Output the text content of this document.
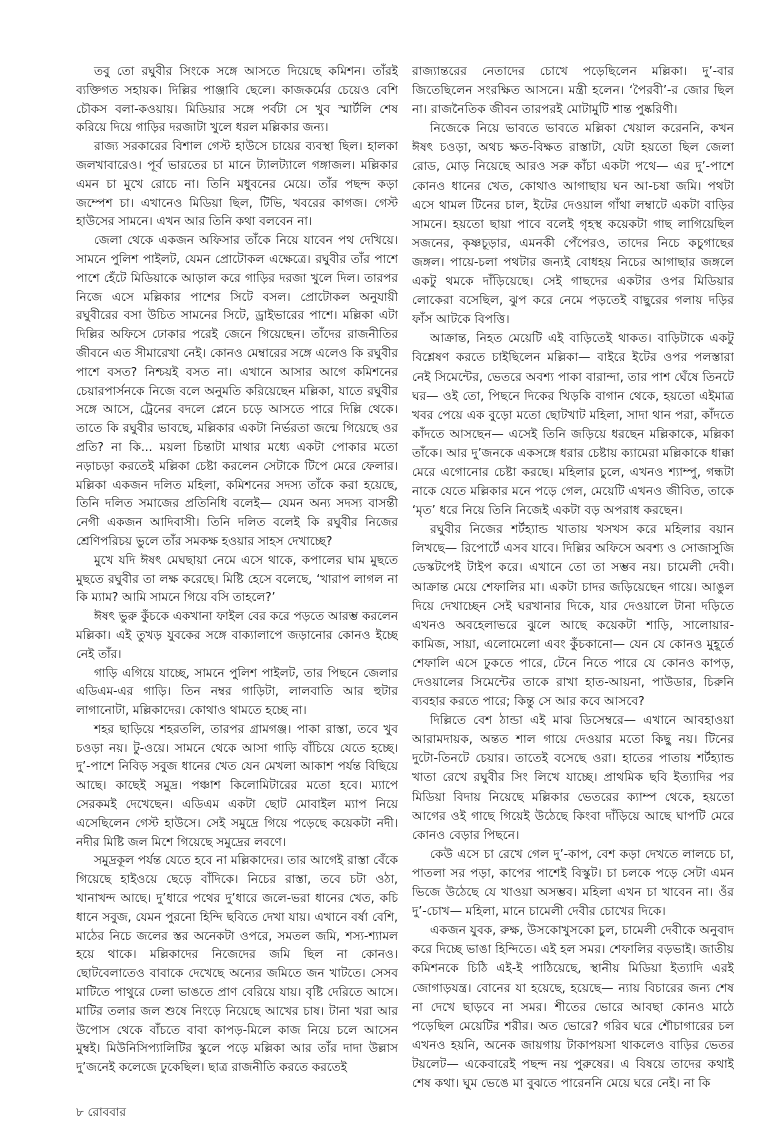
তবু তো রঘুবীর সিংকে সঙ্গে আসতে দিয়েছে কমিশন। তাঁরই ব্যক্তিগত সহায়ক। দিল্লির পাঞ্জাবি ছেলে। কাজকর্মের চেয়েও বেশি চৌকস বলা-কওয়ায়। মিডিয়ার সঙ্গে পর্বটা সে খুব স্মার্টলি শেষ করিয়ে দিয়ে গাড়ির দরজাটা খুলে ধরল মল্লিকার জন্য।

রাজ্য সরকারের বিশাল গেস্ট হাউসে চায়ের ব্যবস্থা ছিল। হালকা জলখাবারেও। পূর্ব ভারতের চা মানে ট্যালট্যালে গঙ্গাজল। মল্লিকার এমন চা মুখে রোচে না। তিনি মধুবনের মেয়ে। তাঁর পছন্দ কড়া জম্পেশ চা। এখানেও মিডিয়া ছিল, টিভি, খবরের কাগজ। গেস্ট হাউসের সামনে। এখন আর তিনি কথা বলবেন না।

জেলা থেকে একজন অফিসার তাঁকে নিয়ে যাবেন পথ দেখিয়ে। সামনে পুলিশ পাইলট, যেমন প্রোটোকল এক্ষেত্রে। রঘুবীর তাঁর পাশে পাশে হেঁটে মিডিয়াকে আড়াল করে গাড়ির দরজা খুলে দিল। তারপর নিজে এসে মল্লিকার পাশের সিটে বসল। প্রোটোকল অনুযায়ী রঘুবীরের বসা উচিত সামনের সিটে, ড্রাইভারের পাশে। মল্লিকা এটা দিল্লির অফিসে ঢোকার পরেই জেনে গিয়েছেন। তাঁদের রাজনীতির জীবনে এত সীমারেখা নেই। কোনও মেম্বারের সঙ্গে এলেও কি রঘুবীর পাশে বসত? নিশ্চয়ই বসত না। এখানে আসার আগে কমিশনের চেয়ারপার্সনকে নিজে বলে অনুমতি করিয়েছেন মল্লিকা, যাতে রঘুবীর সঙ্গে আসে, ট্রেনের বদলে প্লেনে চড়ে আসতে পারে দিল্লি থেকে। তাতে কি রঘুবীর ভাবছে, মল্লিকার একটা নির্ভরতা জন্মে গিয়েছে ওর প্রতি? না কি... ময়লা চিন্তাটা মাথার মধ্যে একটা পোকার মতো নড়াচড়া করতেই মল্লিকা চেষ্টা করলেন সেটাকে টিপে মেরে ফেলার। মল্লিকা একজন দলিত মহিলা, কমিশনের সদস্য তাঁকে করা হয়েছে, তিনি দলিত সমাজের প্রতিনিধি বলেই— যেমন অন্য সদস্য বাসন্তী নেগী একজন আদিবাসী। তিনি দলিত বলেই কি রঘুবীর নিজের শ্রেণিপরিচয় ভুলে তাঁর সমকক্ষ হওয়ার সাহস দেখাচ্ছে?

মুখে যদি ঈষৎ মেঘছায়া নেমে এসে থাকে, কপালের ঘাম মুছতে মুছতে রঘুবীর তা লক্ষ করেছে। মিষ্টি হেসে বলেছে, ‘খারাপ লাগল না কি ম্যাম? আমি সামনে গিয়ে বসি তাহলে?’

ঈষৎ ভুরু কুঁচকে একখানা ফাইল বের করে পড়তে আরম্ভ করলেন মল্লিকা। এই তুখড় যুবকের সঙ্গে বাক্যালাপে জড়ানোর কোনও ইচ্ছে নেই তাঁর।

গাড়ি এগিয়ে যাচ্ছে, সামনে পুলিশ পাইলট, তার পিছনে জেলার এডিএম-এর গাড়ি। তিন নম্বর গাড়িটা, লালবাতি আর হুটার লাগানোটা, মল্লিকাদের। কোথাও থামতে হচ্ছে না।

শহর ছাড়িয়ে শহরতলি, তারপর গ্রামগঞ্জ। পাকা রাস্তা, তবে খুব চওড়া নয়। টু-ওয়ে। সামনে থেকে আসা গাড়ি বাঁচিয়ে যেতে হচ্ছে। দু’-পাশে নিবিড় সবুজ ধানের খেত যেন মেখলা আকাশ পর্যন্ত বিছিয়ে আছে। কাছেই সমুদ্র। পঞ্চাশ কিলোমিটারের মতো হবে। ম্যাপে সেরকমই দেখেছেন। এডিএম একটা ছোট মোবাইল ম্যাপ নিয়ে এসেছিলেন গেস্ট হাউসে। সেই সমুদ্রে গিয়ে পড়েছে কয়েকটা নদী। নদীর মিষ্টি জল মিশে গিয়েছে সমুদ্রের লবণে।

সমুদ্রকূল পর্যন্ত যেতে হবে না মল্লিকাদের। তার আগেই রাস্তা বেঁকে গিয়েছে হাইওয়ে ছেড়ে বাঁদিকে। নিচের রাস্তা, তবে চটা ওঠা, খানাখন্দ আছে। দু’ধারে পথের দু’ধারে জলে-ভরা ধানের খেত, কচি ধানে সবুজ, যেমন পুরনো হিন্দি ছবিতে দেখা যায়। এখানে বর্ষা বেশি, মাঠের নিচে জলের স্তর অনেকটা ওপরে, সমতল জমি, শস্য-শ্যামল হয়ে থাকে। মল্লিকাদের নিজেদের জমি ছিল না কোনও। ছোটবেলাতেও বাবাকে দেখেছে অন্যের জমিতে জন খাটতে। সেসব মাটিতে পাথুরে ঢেলা ভাঙতে প্রাণ বেরিয়ে যায়। বৃষ্টি দেরিতে আসে। মাটির তলার জল শুষে নিংড়ে নিয়েছে আখের চাষ। টানা খরা আর উপোস থেকে বাঁচতে বাবা কাপড়-মিলে কাজ নিয়ে চলে আসেন মুম্বই। মিউনিসিপ্যালিটির স্কুলে পড়ে মল্লিকা আর তাঁর দাদা উল্লাস দু’জনেই কলেজে ঢুকেছিল। ছাত্র রাজনীতি করতে করতেই

রাজ্যান্তরের নেতাদের চোখে পড়েছিলেন মল্লিকা। দু’-বার জিতেছিলেন সংরক্ষিত আসনে। মন্ত্রী হলেন। ‘পৈরবী’-র জোর ছিল না। রাজনৈতিক জীবন তারপরই মোটামুটি শান্ত পুষ্করিণী।

নিজেকে নিয়ে ভাবতে ভাবতে মল্লিকা খেয়াল করেননি, কখন ঈষৎ চওড়া, অথচ ক্ষত-বিক্ষত রাস্তাটা, যেটা হয়তো ছিল জেলা রোড, মোড় নিয়েছে আরও সরু কাঁচা একটা পথে— এর দু’-পাশে কোনও ধানের খেত, কোথাও আগাছায় ঘন আ-চষা জমি। পথটা এসে থামল টিনের চাল, ইটের দেওয়াল গাঁথা লম্বাটে একটা বাড়ির সামনে। হয়তো ছায়া পাবে বলেই গৃহস্থ কয়েকটা গাছ লাগিয়েছিল সজনের, কৃষ্ণচূড়ার, এমনকী পেঁপেরও, তাদের নিচে কচুগাছের জঙ্গল। পায়ে-চলা পথটার জন্যই বোধহয় নিচের আগাছার জঙ্গলে একটু থমকে দাঁড়িয়েছে। সেই গাছদের একটার ওপর মিডিয়ার লোকেরা বসেছিল, ঝুপ করে নেমে পড়তেই বাছুরের গলায় দড়ির ফাঁস আটকে বিপত্তি।

আক্রান্ত, নিহত মেয়েটি এই বাড়িতেই থাকত। বাড়িটাকে একটু বিশ্লেষণ করতে চাইছিলেন মল্লিকা— বাইরে ইটের ওপর পলস্তারা নেই সিমেন্টের, ভেতরে অবশ্য পাকা বারান্দা, তার পাশ ঘেঁষে তিনটে ঘর— ওই তো, পিছনে দিকের খিড়কি বাগান থেকে, হয়তো এইমাত্র খবর পেয়ে এক বুড়ো মতো ছোটখাট মহিলা, সাদা থান পরা, কাঁদতে কাঁদতে আসছেন— এসেই তিনি জড়িয়ে ধরছেন মল্লিকাকে, মল্লিকা তাঁকে। আর দু’জনকে একসঙ্গে ধরার চেষ্টায় ক্যামেরা মল্লিকাকে ধাক্কা মেরে এগোনোর চেষ্টা করছে। মহিলার চুলে, এখনও শ্যাম্পু, গন্ধটা নাকে যেতে মল্লিকার মনে পড়ে গেল, মেয়েটি এখনও জীবিত, তাকে ‘মৃত’ ধরে নিয়ে তিনি নিজেই একটা বড় অপরাধ করছেন।

রঘুবীর নিজের শর্টহ্যান্ড খাতায় খসখস করে মহিলার বয়ান লিখছে— রিপোর্টে এসব যাবে। দিল্লির অফিসে অবশ্য ও সোজাসুজি ডেস্কটপেই টাইপ করে। এখানে তো তা সম্ভব নয়। চামেলী দেবী। আক্রান্ত মেয়ে শেফালির মা। একটা চাদর জড়িয়েছেন গায়ে। আঙুল দিয়ে দেখাচ্ছেন সেই ঘরখানার দিকে, যার দেওয়ালে টানা দড়িতে এখনও অবহেলাভরে ঝুলে আছে কয়েকটা শাড়ি, সালোয়ার-কামিজ, সায়া, এলোমেলো এবং কুঁচকানো— যেন যে কোনও মুহূর্তে শেফালি এসে ঢুকতে পারে, টেনে নিতে পারে যে কোনও কাপড়, দেওয়ালের সিমেন্টের তাকে রাখা হাত-আয়না, পাউডার, চিরুনি ব্যবহার করতে পারে; কিন্তু সে আর কবে আসবে?

দিল্লিতে বেশ ঠান্ডা এই মাঝ ডিসেম্বরে— এখানে আবহাওয়া আরামদায়ক, অন্তত শাল গায়ে দেওয়ার মতো কিছু নয়। টিনের দুটো-তিনটে চেয়ার। তাতেই বসেছে ওরা। হাতের পাতায় শর্টহ্যান্ড খাতা রেখে রঘুবীর সিং লিখে যাচ্ছে। প্রাথমিক ছবি ইত্যাদির পর মিডিয়া বিদায় নিয়েছে মল্লিকার ভেতরের ক্যাম্প থেকে, হয়তো আগের ওই গাছে গিয়েই উঠেছে কিংবা দাঁড়িয়ে আছে ঘাপটি মেরে কোনও বেড়ার পিছনে।

কেউ এসে চা রেখে গেল দু’-কাপ, বেশ কড়া দেখতে লালচে চা, পাতলা সর পড়া, কাপের পাশেই বিস্কুট। চা চলকে পড়ে সেটা এমন ভিজে উঠেছে যে খাওয়া অসম্ভব। মহিলা এখন চা খাবেন না। ওঁর দু’-চোখ— মহিলা, মানে চামেলী দেবীর চোখের দিকে।

একজন যুবক, রুক্ষ, উসকোখুসকো চুল, চামেলী দেবীকে অনুবাদ করে দিচ্ছে ভাঙা হিন্দিতে। এই হল সমর। শেফালির বড়ভাই। জাতীয় কমিশনকে চিঠি এই-ই পাঠিয়েছে, স্থানীয় মিডিয়া ইত্যাদি এরই জোগাড়যন্ত্র। বোনের যা হয়েছে, হয়েছে— ন্যায় বিচারের জন্য শেষ না দেখে ছাড়বে না সমর। শীতের ভোরে আবছা কোনও মাঠে পড়েছিল মেয়েটির শরীর। অত ভোরে? গরিব ঘরে শৌচাগারের চল এখনও হয়নি, অনেক জায়গায় টাকাপয়সা থাকলেও বাড়ির ভেতর টয়লেট— একেবারেই পছন্দ নয় পুরুষের। এ বিষয়ে তাদের কথাই শেষ কথা। ঘুম ভেঙে মা বুঝতে পারেননি মেয়ে ঘরে নেই। না কি

৮ রোববার
